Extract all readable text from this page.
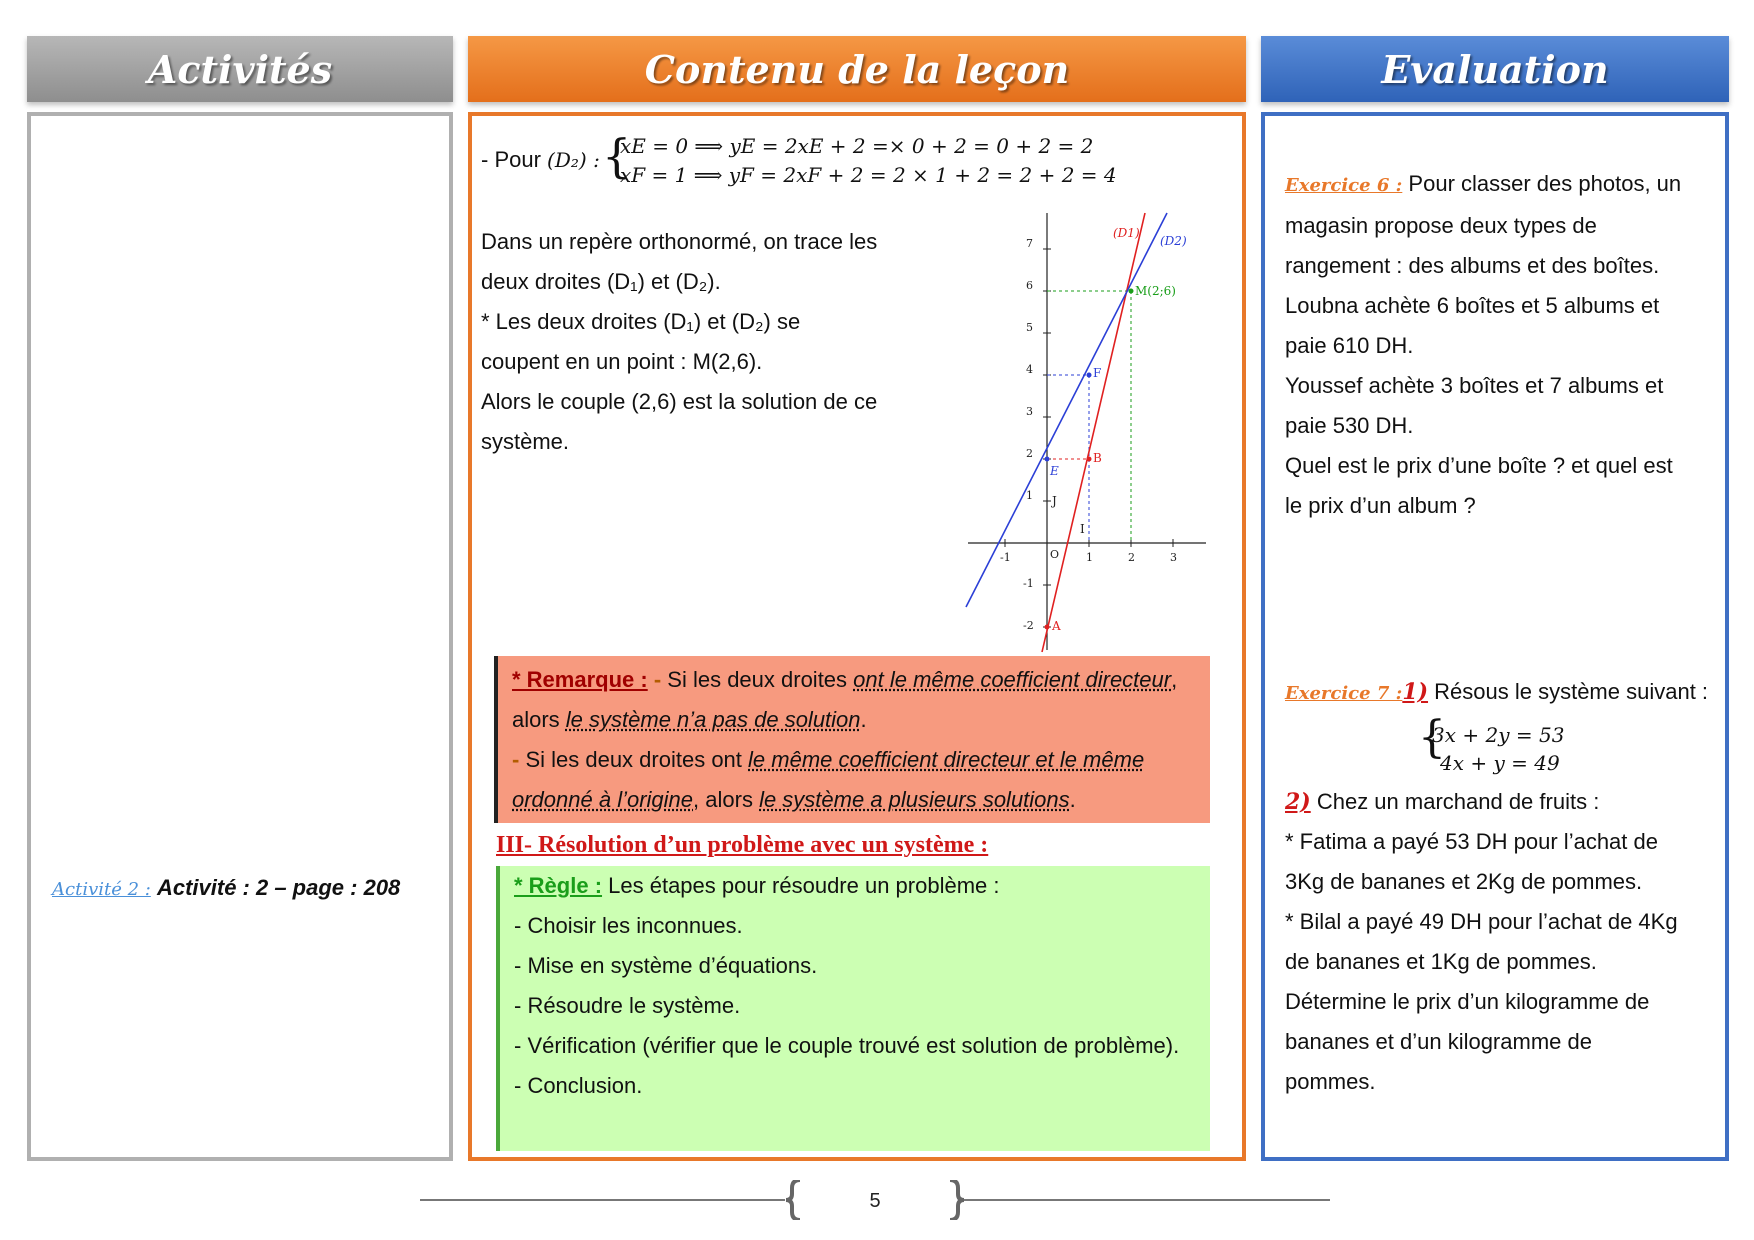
Activités	Contenu de la leçon	Evaluation
Activité 2 : Activité : 2 – page : 208
- Pour (D₂) : {
xE = 0 ⟹ yE = 2xE + 2 =× 0 + 2 = 0 + 2 = 2
xF = 1 ⟹ yF = 2xF + 2 = 2 × 1 + 2 = 2 + 2 = 4
Dans un repère orthonormé, on trace les
deux droites (D₁) et (D₂).
* Les deux droites (D₁) et (D₂) se
coupent en un point : M(2,6).
Alors le couple (2,6) est la solution de ce
système.
-1	1	2	3
7
6
5
4
3
2
1
-1
-2
O
(D1)
(D2)
M(2;6)
F
B
E
A
I
J
* Remarque : - Si les deux droites ont le même coefficient directeur, alors le système n’a pas de solution.
- Si les deux droites ont le même coefficient directeur et le même ordonné à l’origine, alors le système a plusieurs solutions.
III- Résolution d’un problème avec un système :
* Règle : Les étapes pour résoudre un problème :
- Choisir les inconnues.
- Mise en système d’équations.
- Résoudre le système.
- Vérification (vérifier que le couple trouvé est solution de problème).
- Conclusion.
Exercice 6 : Pour classer des photos, un
magasin propose deux types de
rangement : des albums et des boîtes.
Loubna achète 6 boîtes et 5 albums et
paie 610 DH.
Youssef achète 3 boîtes et 7 albums et
paie 530 DH.
Quel est le prix d’une boîte ? et quel est
le prix d’un album ?
Exercice 7 :1) Résous le système suivant :
{
3x + 2y = 53
4x + y = 49
2) Chez un marchand de fruits :
* Fatima a payé 53 DH pour l’achat de
3Kg de bananes et 2Kg de pommes.
* Bilal a payé 49 DH pour l’achat de 4Kg
de bananes et 1Kg de pommes.
Détermine le prix d’un kilogramme de
bananes et d’un kilogramme de
pommes.
5
